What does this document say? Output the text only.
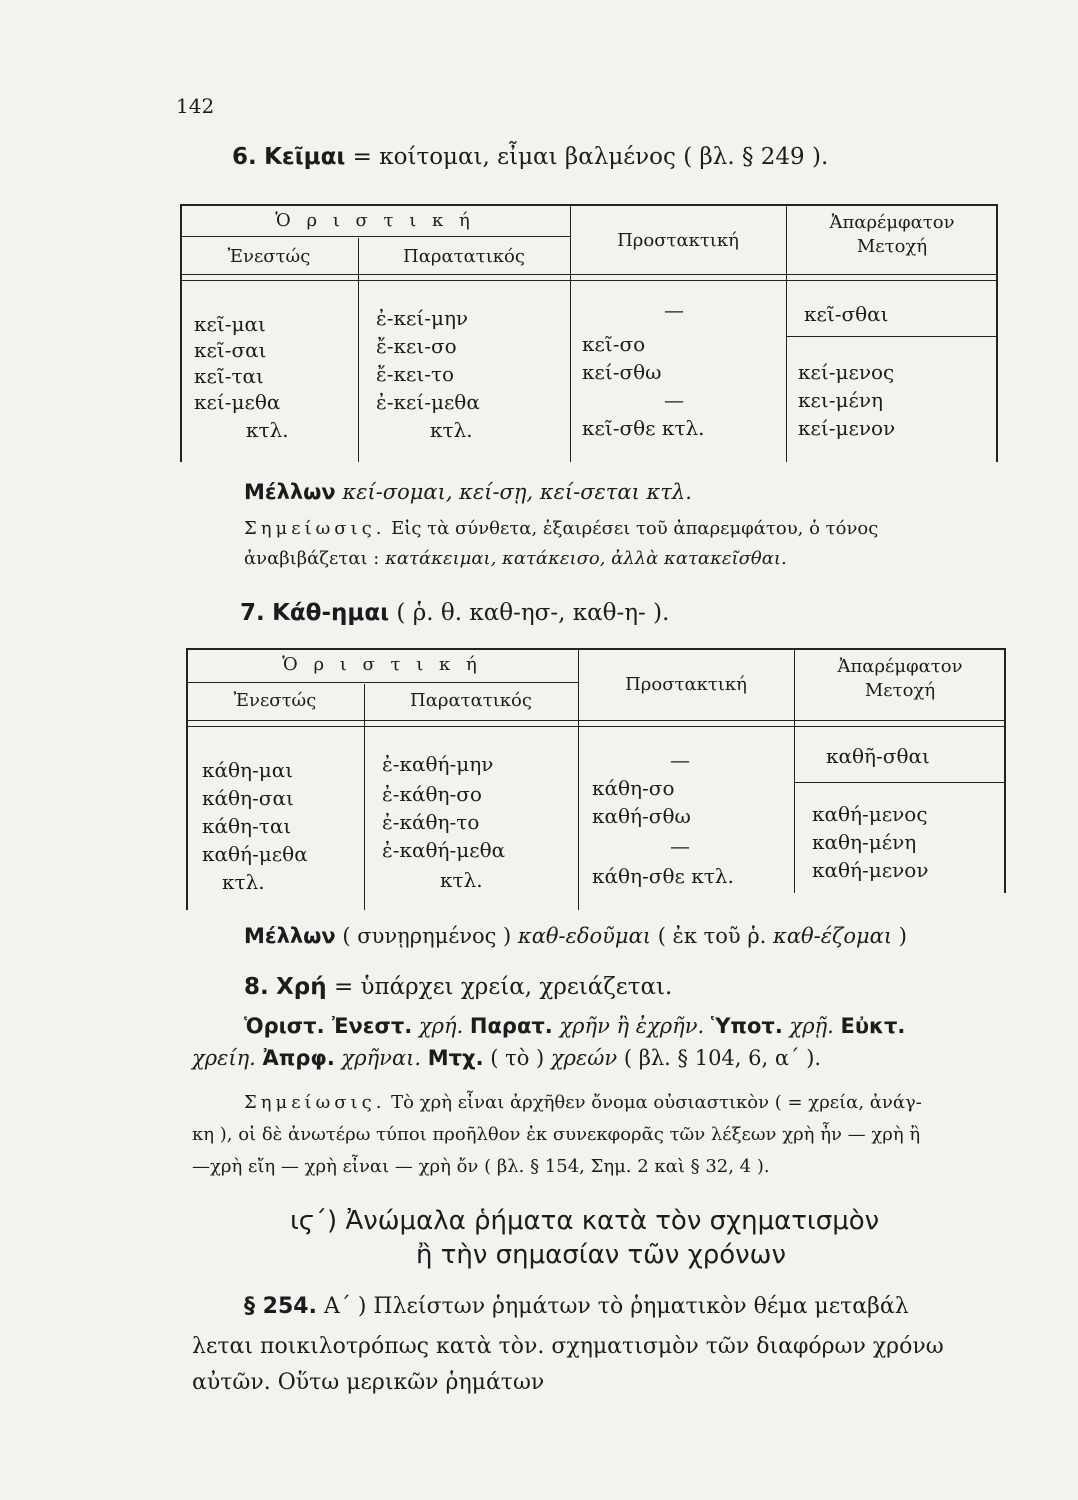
142
6. Κεῖμαι = κοίτομαι, εἶμαι βαλμένος ( βλ. § 249 ).
Ὁ ρ ι σ τ ι κ ή
Ἐνεστώς	Παρατατικός
Προστακτική
Ἀπαρέμφατον
Μετοχή
κεῖ-μαι
κεῖ-σαι
κεῖ-ται
κεί-μεθα
κτλ.
ἐ-κεί-μην
ἔ-κει-σο
ἔ-κει-το
ἐ-κεί-μεθα
κτλ.
—
κεῖ-σο
κεί-σθω
—
κεῖ-σθε κτλ.
κεῖ-σθαι
κεί-μενος
κει-μένη
κεί-μενον
Μέλλων κεί-σομαι, κεί-σῃ, κεί-σεται κτλ.
Σημείωσις. Εἰς τὰ σύνθετα, ἐξαιρέσει τοῦ ἀπαρεμφάτου, ὁ τόνος ἀναβιβάζεται : κατάκειμαι, κατάκεισο, ἀλλὰ κατακεῖσθαι.
7. Κάθ-ημαι ( ῥ. θ. καθ-ησ-, καθ-η- ).
Ὁ ρ ι σ τ ι κ ή
Ἐνεστώς	Παρατατικός
Προστακτική
Ἀπαρέμφατον
Μετοχή
κάθη-μαι
κάθη-σαι
κάθη-ται
καθή-μεθα
κτλ.
ἐ-καθή-μην
ἐ-κάθη-σο
ἐ-κάθη-το
ἐ-καθή-μεθα
κτλ.
—
κάθη-σο
καθή-σθω
—
κάθη-σθε κτλ.
καθῆ-σθαι
καθή-μενος
καθη-μένη
καθή-μενον
Μέλλων ( συνῃρημένος ) καθ-εδοῦμαι ( ἐκ τοῦ ῥ. καθ-έζομαι )
8. Χρή = ὑπάρχει χρεία, χρειάζεται.
Ὁριστ. Ἐνεστ. χρή. Παρατ. χρῆν ἢ ἐχρῆν. Ὑποτ. χρῇ. Εὐκτ.
χρείη. Ἀπρφ. χρῆναι. Μτχ. ( τὸ ) χρεών ( βλ. § 104, 6, α΄ ).
Σημείωσις. Τὸ χρὴ εἶναι ἀρχῆθεν ὄνομα οὐσιαστικὸν ( = χρεία, ἀνάγ-
κη ), οἱ δὲ ἀνωτέρω τύποι προῆλθον ἐκ συνεκφορᾶς τῶν λέξεων χρὴ ἦν — χρὴ ἢ
—χρὴ εἴη — χρὴ εἶναι — χρὴ ὄν ( βλ. § 154, Σημ. 2 καὶ § 32, 4 ).
ιϛ΄) Ἀνώμαλα ῥήματα κατὰ τὸν σχηματισμὸν
ἢ τὴν σημασίαν τῶν χρόνων
§ 254. Α΄ ) Πλείστων ῥημάτων τὸ ῥηματικὸν θέμα μεταβάλ
λεται ποικιλοτρόπως κατὰ τὸν. σχηματισμὸν τῶν διαφόρων χρόνω
αὐτῶν. Οὕτω μερικῶν ῥημάτων
